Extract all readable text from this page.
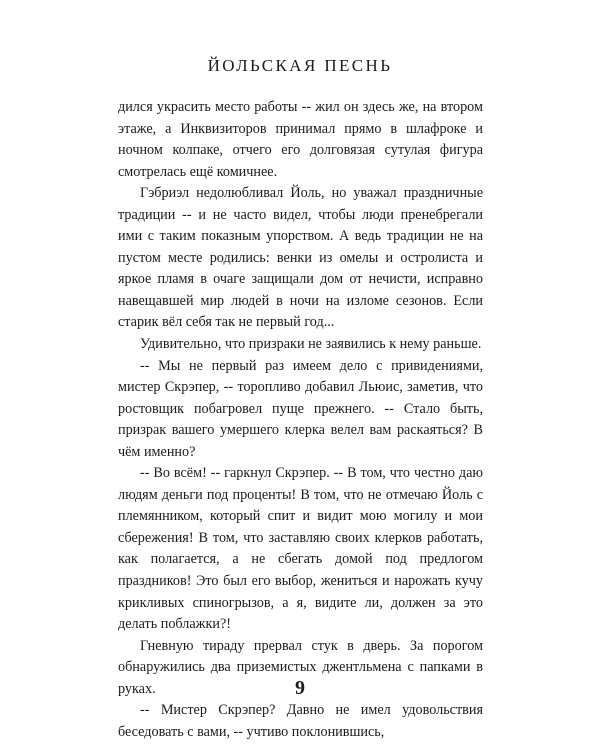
ЙОЛЬСКАЯ ПЕСНЬ

дился украсить место работы -- жил он здесь же, на втором этаже, а Инквизиторов принимал прямо в шлафроке и ночном колпаке, отчего его долговязая сутулая фигура смотрелась ещё комичнее.

Гэбриэл недолюбливал Йоль, но уважал праздничные традиции -- и не часто видел, чтобы люди пренебрегали ими с таким показным упорством. А ведь традиции не на пустом месте родились: венки из омелы и остролиста и яркое пламя в очаге защищали дом от нечисти, исправно навещавшей мир людей в ночи на изломе сезонов. Если старик вёл себя так не первый год...

Удивительно, что призраки не заявились к нему раньше.

-- Мы не первый раз имеем дело с привидениями, мистер Скрэпер, -- торопливо добавил Льюис, заметив, что ростовщик побагровел пуще прежнего. -- Стало быть, призрак вашего умершего клерка велел вам раскаяться? В чём именно?

-- Во всём! -- гаркнул Скрэпер. -- В том, что честно даю людям деньги под проценты! В том, что не отмечаю Йоль с племянником, который спит и видит мою могилу и мои сбережения! В том, что заставляю своих клерков работать, как полагается, а не сбегать домой под предлогом праздников! Это был его выбор, жениться и нарожать кучу крикливых спиногрызов, а я, видите ли, должен за это делать поблажки?!

Гневную тираду прервал стук в дверь. За порогом обнаружились два приземистых джентльмена с папками в руках.

-- Мистер Скрэпер? Давно не имел удовольствия беседовать с вами, -- учтиво поклонившись,

9
